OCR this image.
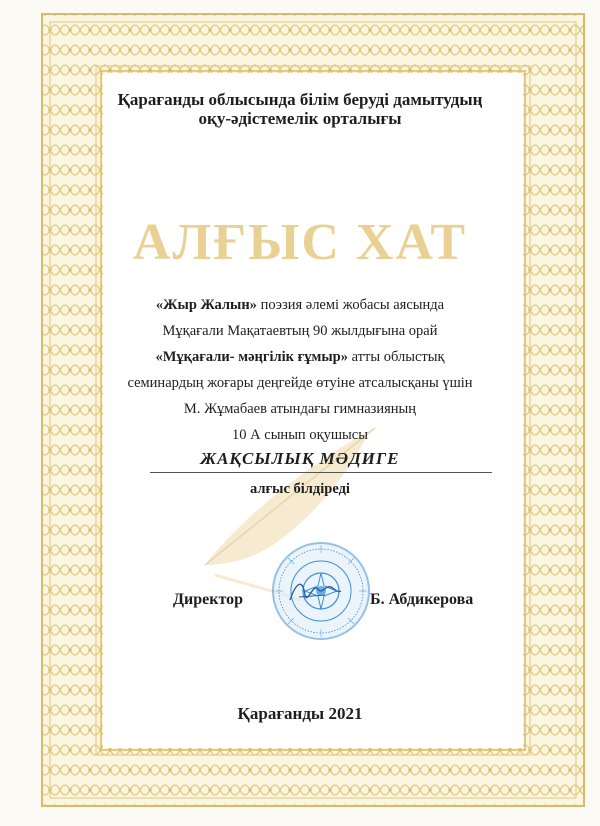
Қарағанды облысында білім беруді дамытудың
оқу-әдістемелік орталығы
АЛҒЫС ХАТ
«Жыр Жалын» поэзия әлемі жобасы аясында
Мұқағали Мақатаевтың 90 жылдығына орай
«Мұқағали- мәңгілік ғұмыр» атты облыстық
семинардың жоғары деңгейде өтуіне атсалысқаны үшін
М. Жұмабаев атындағы гимназияның
10 А сынып оқушысы
ЖАҚСЫЛЫҚ МӘДИГЕ
алғыс білдіреді
Директор	Б. Абдикерова
Қарағанды 2021
